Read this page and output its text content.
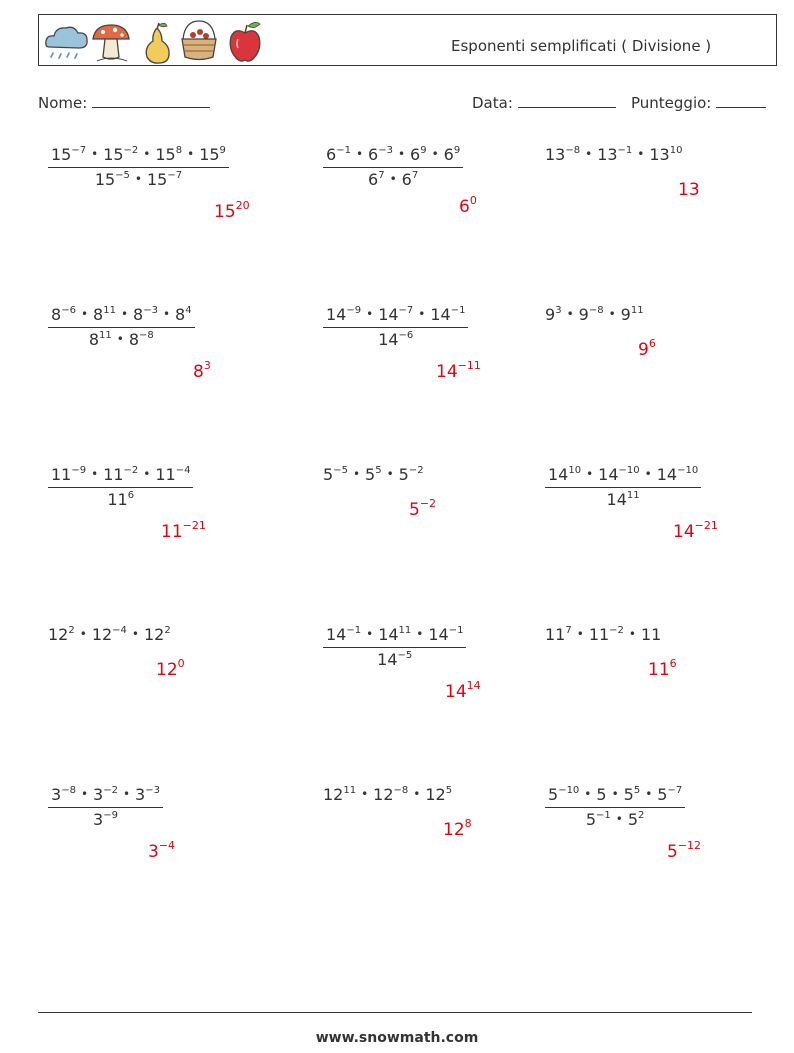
Esponenti semplificati ( Divisione )
Nome:	Data:	Punteggio:
$\frac{15^{-7} • 15^{-2} • 15^8 • 15^9}{15^{-5} • 15^{-7}}$
$15^{20}$
$\frac{6^{-1} • 6^{-3} • 6^9 • 6^9}{6^7 • 6^7}$
$6^0$
$13^{-8}$ • $13^{-1}$ • $13^{10}$
13
$\frac{8^{-6} • 8^{11} • 8^{-3} • 8^4}{8^{11} • 8^{-8}}$
$8^3$
$\frac{14^{-9} • 14^{-7} • 14^{-1}}{14^{-6}}$
$14^{-11}$
$9^3$ • $9^{-8}$ • $9^{11}$
$9^6$
$\frac{11^{-9} • 11^{-2} • 11^{-4}}{11^6}$
$11^{-21}$
$5^{-5}$ • $5^5$ • $5^{-2}$
$5^{-2}$	$\frac{14^{10} • 14^{-10} • 14^{-10}}{14^{11}}$
$14^{-21}$
$12^2$ • $12^{-4}$ • $12^2$
$12^0$	$\frac{14^{-1} • 14^{11} • 14^{-1}}{14^{-5}}$
$14^{14}$
$11^7$ • $11^{-2}$ • 11
$11^6$
$\frac{3^{-8} • 3^{-2} • 3^{-3}}{3^{-9}}$
$3^{-4}$
$12^{11}$ • $12^{-8}$ • $12^5$
$12^8$	$\frac{5^{-10} • 5 • 5^5 • 5^{-7}}{5^{-1} • 5^2}$
$5^{-12}$
www.snowmath.com
